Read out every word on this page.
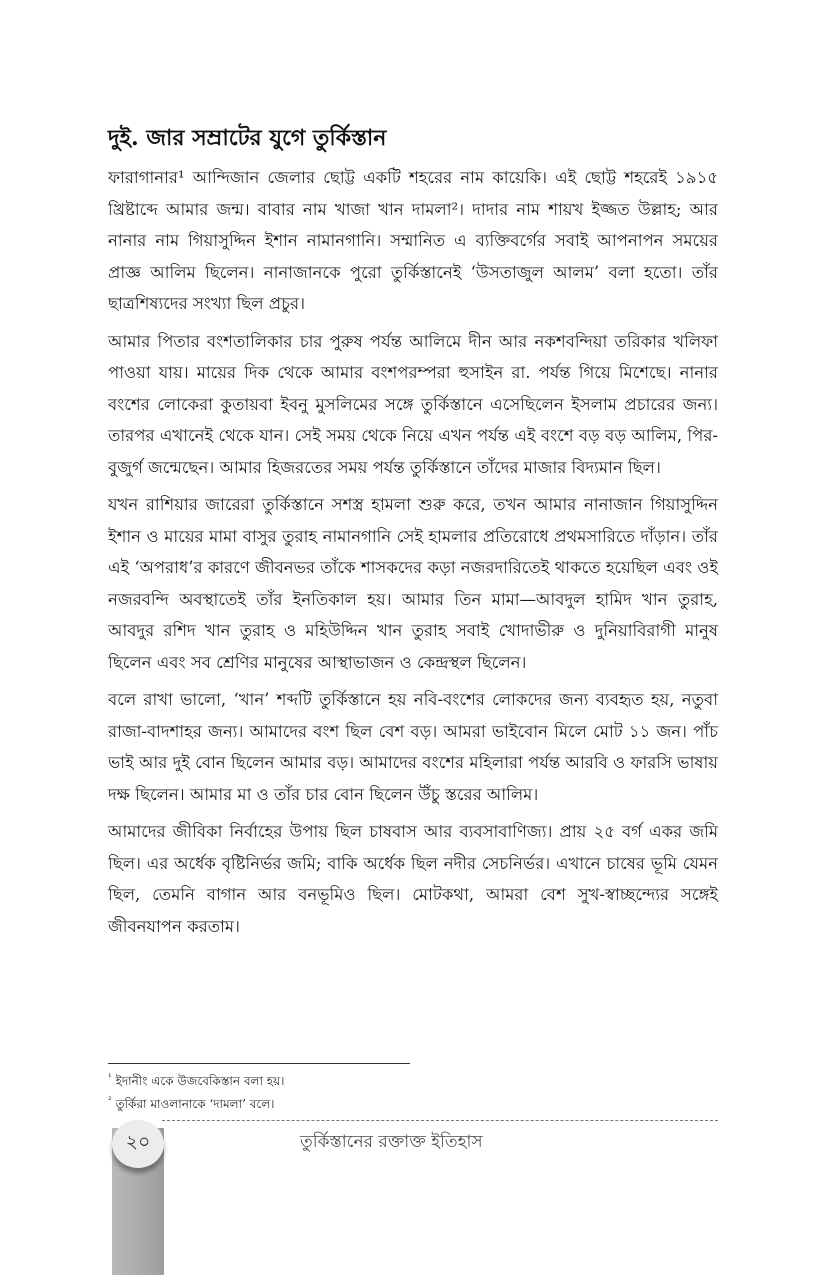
দুই. জার সম্রাটের যুগে তুর্কিস্তান

ফারাগানার¹ আন্দিজান জেলার ছোট্ট একটি শহরের নাম কায়েকি। এই ছোট্ট শহরেই ১৯১৫ খ্রিষ্টাব্দে আমার জন্ম। বাবার নাম খাজা খান দামলা²। দাদার নাম শায়খ ইজ্জত উল্লাহ; আর নানার নাম গিয়াসুদ্দিন ইশান নামানগানি। সম্মানিত এ ব্যক্তিবর্গের সবাই আপনাপন সময়ের প্রাজ্ঞ আলিম ছিলেন। নানাজানকে পুরো তুর্কিস্তানেই ‘উসতাজুল আলম’ বলা হতো। তাঁর ছাত্রশিষ্যদের সংখ্যা ছিল প্রচুর।

আমার পিতার বংশতালিকার চার পুরুষ পর্যন্ত আলিমে দীন আর নকশবন্দিয়া তরিকার খলিফা পাওয়া যায়। মায়ের দিক থেকে আমার বংশপরম্পরা হুসাইন রা. পর্যন্ত গিয়ে মিশেছে। নানার বংশের লোকেরা কুতায়বা ইবনু মুসলিমের সঙ্গে তুর্কিস্তানে এসেছিলেন ইসলাম প্রচারের জন্য। তারপর এখানেই থেকে যান। সেই সময় থেকে নিয়ে এখন পর্যন্ত এই বংশে বড় বড় আলিম, পির-বুজুর্গ জন্মেছেন। আমার হিজরতের সময় পর্যন্ত তুর্কিস্তানে তাঁদের মাজার বিদ্যমান ছিল।

যখন রাশিয়ার জারেরা তুর্কিস্তানে সশস্ত্র হামলা শুরু করে, তখন আমার নানাজান গিয়াসুদ্দিন ইশান ও মায়ের মামা বাসুর তুরাহ নামানগানি সেই হামলার প্রতিরোধে প্রথমসারিতে দাঁড়ান। তাঁর এই ‘অপরাধ’র কারণে জীবনভর তাঁকে শাসকদের কড়া নজরদারিতেই থাকতে হয়েছিল এবং ওই নজরবন্দি অবস্থাতেই তাঁর ইনতিকাল হয়। আমার তিন মামা—আবদুল হামিদ খান তুরাহ, আবদুর রশিদ খান তুরাহ ও মহিউদ্দিন খান তুরাহ সবাই খোদাভীরু ও দুনিয়াবিরাগী মানুষ ছিলেন এবং সব শ্রেণির মানুষের আস্থাভাজন ও কেন্দ্রস্থল ছিলেন।

বলে রাখা ভালো, ‘খান’ শব্দটি তুর্কিস্তানে হয় নবি-বংশের লোকদের জন্য ব্যবহৃত হয়, নতুবা রাজা-বাদশাহর জন্য। আমাদের বংশ ছিল বেশ বড়। আমরা ভাইবোন মিলে মোট ১১ জন। পাঁচ ভাই আর দুই বোন ছিলেন আমার বড়। আমাদের বংশের মহিলারা পর্যন্ত আরবি ও ফারসি ভাষায় দক্ষ ছিলেন। আমার মা ও তাঁর চার বোন ছিলেন উঁচু স্তরের আলিম।

আমাদের জীবিকা নির্বাহের উপায় ছিল চাষবাস আর ব্যবসাবাণিজ্য। প্রায় ২৫ বর্গ একর জমি ছিল। এর অর্ধেক বৃষ্টিনির্ভর জমি; বাকি অর্ধেক ছিল নদীর সেচনির্ভর। এখানে চাষের ভূমি যেমন ছিল, তেমনি বাগান আর বনভূমিও ছিল। মোটকথা, আমরা বেশ সুখ-স্বাচ্ছন্দ্যের সঙ্গেই জীবনযাপন করতাম।

¹ ইদানীং একে উজবেকিস্তান বলা হয়।

² তুর্কিরা মাওলানাকে ‘দামলা’ বলে।

২০	তুর্কিস্তানের রক্তাক্ত ইতিহাস
